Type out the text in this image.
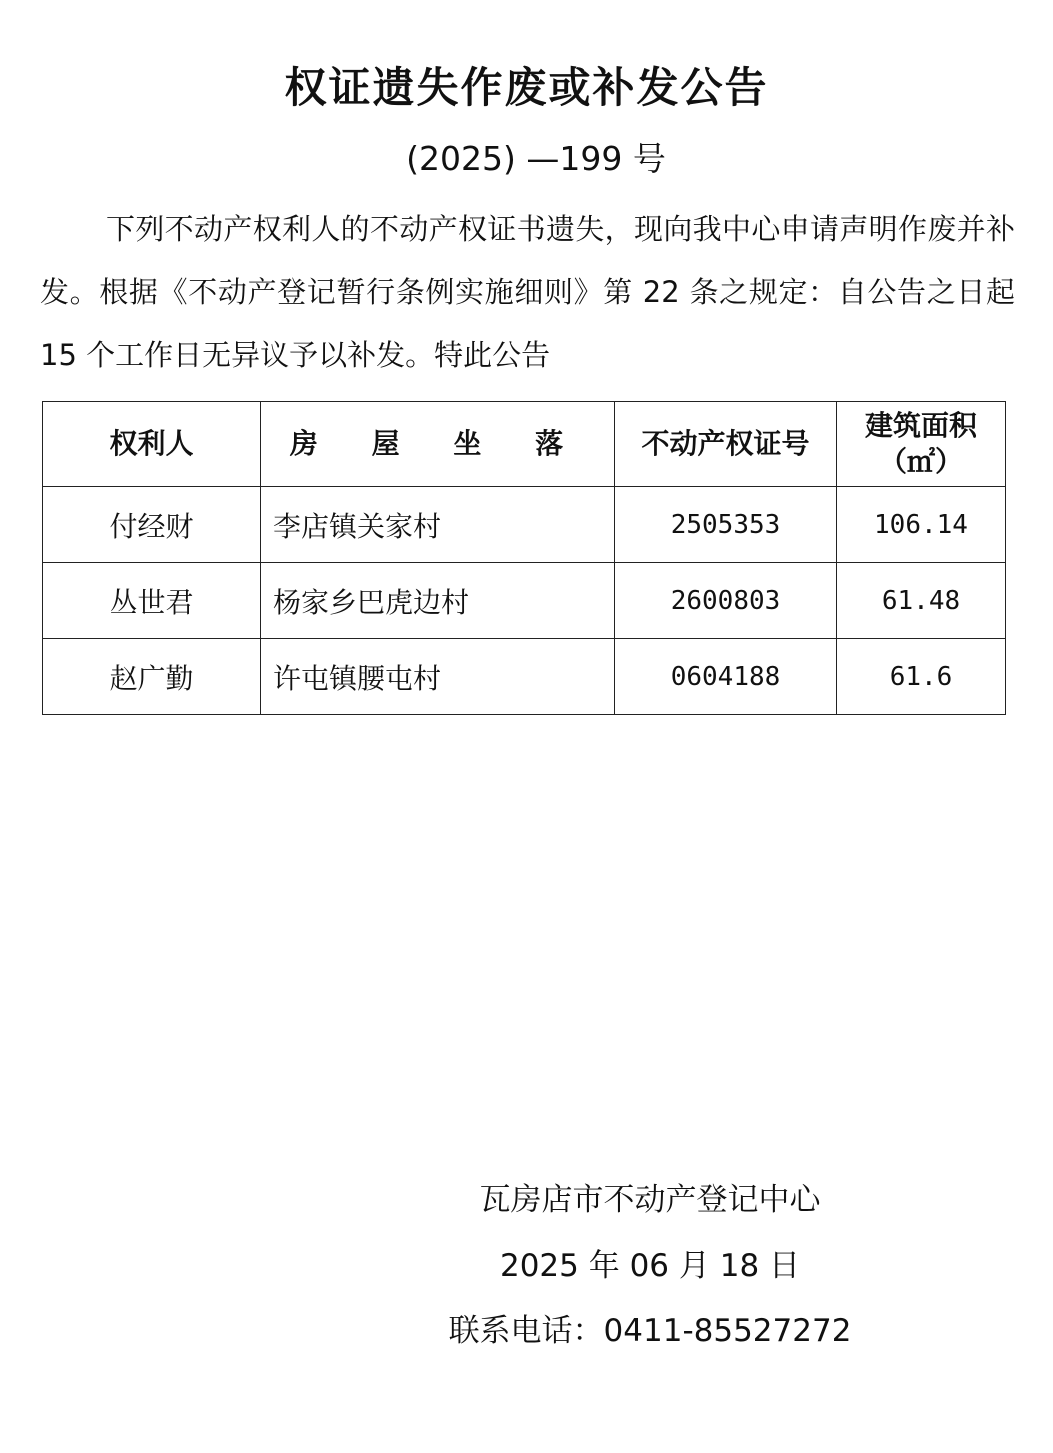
权证遗失作废或补发公告
(2025) —199 号
下列不动产权利人的不动产权证书遗失，现向我中心申请声明作废并补发。根据《不动产登记暂行条例实施细则》第 22 条之规定：自公告之日起 15 个工作日无异议予以补发。特此公告
权利人	房 屋 坐 落	不动产权证号	建筑面积
（㎡）

付经财	李店镇关家村	2505353	106.14
丛世君	杨家乡巴虎边村	2600803	61.48
赵广勤	许屯镇腰屯村	0604188	61.6
瓦房店市不动产登记中心
2025 年 06 月 18 日
联系电话：0411-85527272
